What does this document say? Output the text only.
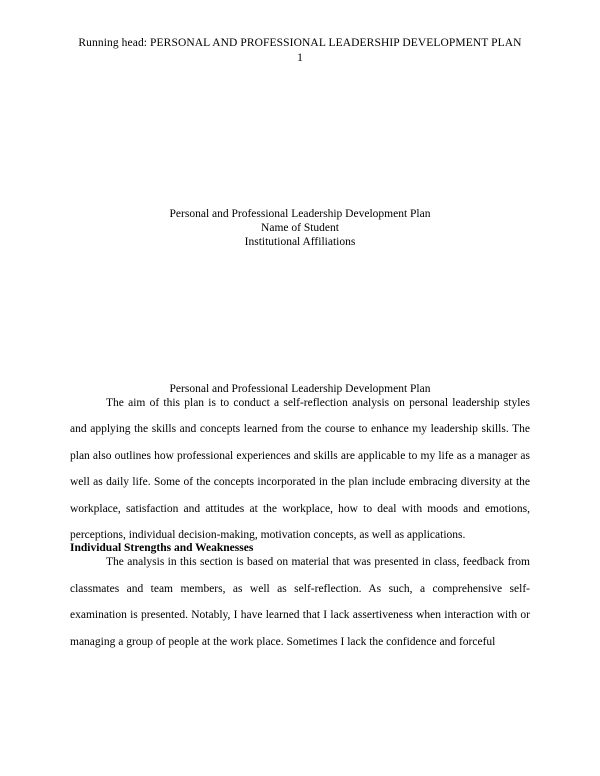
Running head: PERSONAL AND PROFESSIONAL LEADERSHIP DEVELOPMENT PLAN
1
Personal and Professional Leadership Development Plan
Name of Student
Institutional Affiliations
Personal and Professional Leadership Development Plan

The aim of this plan is to conduct a self-reflection analysis on personal leadership styles and applying the skills and concepts learned from the course to enhance my leadership skills. The plan also outlines how professional experiences and skills are applicable to my life as a manager as well as daily life. Some of the concepts incorporated in the plan include embracing diversity at the workplace, satisfaction and attitudes at the workplace, how to deal with moods and emotions, perceptions, individual decision-making, motivation concepts, as well as applications.

Individual Strengths and Weaknesses

The analysis in this section is based on material that was presented in class, feedback from classmates and team members, as well as self-reflection. As such, a comprehensive self-examination is presented. Notably, I have learned that I lack assertiveness when interaction with or managing a group of people at the work place. Sometimes I lack the confidence and forceful
